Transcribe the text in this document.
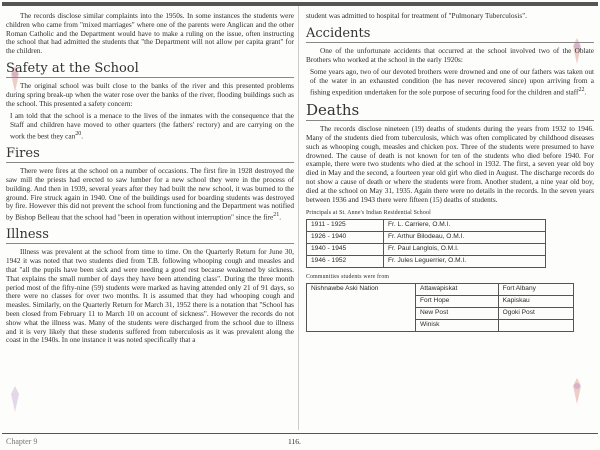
The records disclose similar complaints into the 1950s. In some instances the students were children who came from "mixed marriages" where one of the parents were Anglican and the other Roman Catholic and the Department would have to make a ruling on the issue, often instructing the school that had admitted the students that "the Department will not allow per capita grant" for the children.

Safety at the School

The original school was built close to the banks of the river and this presented problems during spring break-up when the water rose over the banks of the river, flooding buildings such as the school. This presented a safety concern:

I am told that the school is a menace to the lives of the inmates with the consequence that the Staff and children have moved to other quarters (the fathers' rectory) and are carrying on the work the best they can$^{20}$.
Fires

There were fires at the school on a number of occasions. The first fire in 1928 destroyed the saw mill the priests had erected to saw lumber for a new school they were in the process of building. And then in 1939, several years after they had built the new school, it was burned to the ground. Fire struck again in 1940. One of the buildings used for boarding students was destroyed by fire. However this did not prevent the school from functioning and the Department was notified by Bishop Belleau that the school had "been in operation without interruption" since the fire$^{21}$.

Illness

Illness was prevalent at the school from time to time. On the Quarterly Return for June 30, 1942 it was noted that two students died from T.B. following whooping cough and measles and that "all the pupils have been sick and were needing a good rest because weakened by sickness. That explains the small number of days they have been attending class". During the three month period most of the fifty-nine (59) students were marked as having attended only 21 of 91 days, so there were no classes for over two months. It is assumed that they had whooping cough and measles. Similarly, on the Quarterly Return for March 31, 1952 there is a notation that "School has been closed from February 11 to March 10 on account of sickness". However the records do not show what the illness was. Many of the students were discharged from the school due to illness and it is very likely that these students suffered from tuberculosis as it was prevalent along the coast in the 1940s. In one instance it was noted specifically that a

student was admitted to hospital for treatment of "Pulmonary Tuberculosis".

Accidents

One of the unfortunate accidents that occurred at the school involved two of the Oblate Brothers who worked at the school in the early 1920s:

Some years ago, two of our devoted brothers were drowned and one of our fathers was taken out of the water in an exhausted condition (he has never recovered since) upon arriving from a fishing expedition undertaken for the sole purpose of securing food for the children and staff$^{22}$.
Deaths

The records disclose nineteen (19) deaths of students during the years from 1932 to 1946. Many of the students died from tuberculosis, which was often complicated by childhood diseases such as whooping cough, measles and chicken pox. Three of the students were presumed to have drowned. The cause of death is not known for ten of the students who died before 1940. For example, there were two students who died at the school in 1932. The first, a seven year old boy died in May and the second, a fourteen year old girl who died in August. The discharge records do not show a cause of death or where the students were from. Another student, a nine year old boy, died at the school on May 31, 1935. Again there were no details in the records. In the seven years between 1936 and 1943 there were fifteen (15) deaths of students.

Principals at St. Anne's Indian Residential School
1911 - 1925	Fr. L. Carriere, O.M.I.
1926 - 1940	Fr. Arthur Bilodeau, O.M.I.
1940 - 1945	Fr. Paul Langlois, O.M.I.
1946 - 1952	Fr. Jules Leguerrier, O.M.I.
Communities students were from
Nishnawbe Aski Nation	Attawapiskat	Fort Albany
	Fort Hope	Kapiskau
	New Post	Ogoki Post
	Winisk	
Chapter 9	116.
